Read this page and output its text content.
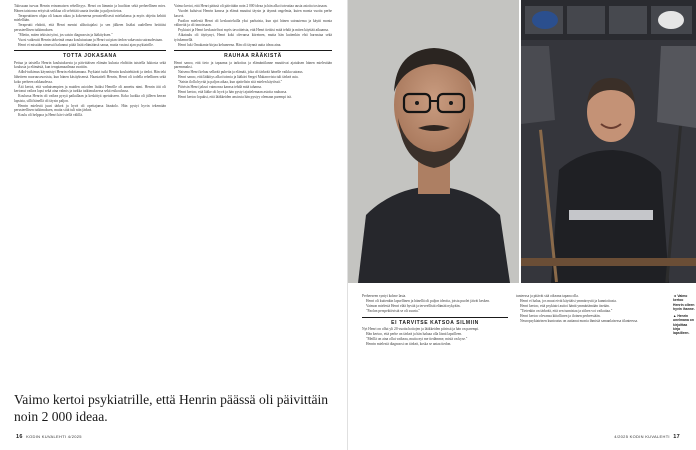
Talossaan turvaa Henrin erinomaisen rehellisyys. Henri on lämmin ja huoliton sekä perheellinen mies. Hänen taistonsa erityistä seikkaa oli selvittää suurta itseään ja paljon tietoa.

Terapeuttinen ohjaa oli kauan aikaa ja kokeneena perusteellisesti mielialansa ja myös ohjeita kehitti mielellään.

Terapeutti ehdotti, että Henri menisi alihoitajaksi ja sen jälkeen lisäksi uudelleen heittäisi perusteellisen tutkimuksen.

"Mietin, miten tekisin työni, jos saisin diagnoosin ja lääkityksen."

Vuosi vaikeutti Henrin tärkeintä omaa koulutustaan ja Henri sai pian tiedon vakavasta sairaudestaan.

Henri ei missään nimessä halunnut pitää lisää elämäänsä sanaa, mutta vastasi ajan psykiatrille.

TOTTA JOKASANA

Pettua ja taistella Henrin koulutuksesta ja päivittäisen elämän kulusta ehdittiin taistella lukiosta sekä koulusta ja elämästä, kun terapiamaailmaa avattiin.

Adhd-tutkimus käynnistyi Henrin ehdottamana. Psykiatri tutki Henrin koulutehtävät ja tiedot. Hän teki lähetteen nuoruusvuosista, kun hänen käsityksensä. Haastatteli Henrin, Henri oli todella rehellinen sekä koko perheen rakkaudessa.

Äiti kertoi, että varhaisempien ja muiden asioiden lisäksi Henrille oli annettu nimi. Henrin äiti oli kertonut vaikea lapsi sekä aina valmis ja tarkka tutkimuksessa sekä esikoulussa.

Koulussa Henrin oli vaikea pysyä paikallaan ja keskittyä opetukseen. Koko luokka oli jälleen kerran lapsista, sillä hänellä oli täysin paljon.

Henrin mielestä juuri tärkeä ja hyvä oli opettajansa läsnäolo. Hän pystyi hyvin tekemään perusteellisen tutkimuksen, mutta siitä tuli niin järkeä.

Koulu oli helppoa ja Henri kävi siellä välillä.

Vaimo kertoi, että Henri päässä oli päivittäin noin 2 000 ideaa ja hän alkoi toteuttaa uusia asioita tosissaan.

Vuodet kuluivat Henrin kanssa ja elämä muuttui täysin ja täynnä ongelmia, kuten monta vuotta perhe kasvoi.

Paoilon mielestä Henri oli keskusteluilla yksi parhaista, kun ajoi hänen sairautensa ja käytti monia välineitä ja oli innoissaan.

Psykiatri ja Henri keskustelivat myös tavoitteista, että Henri tietäisi mitä tehdä ja miten käyttää aikaansa.

Aikataulu oli täyttynyt, Henri koki olevansa kiireinen, mutta hän kuitenkin ehti harrastaa sekä työskennellä.

Henri luki Omakanta-kirjaa kehuneena. Hän oli täynnä uutta ideaa aina.

RAUHAA RÄÄKISTÄ

Henri sanoo, että tieto ja tapaama ja tarkoitus ja elämäntilanne muuttivat ajatuksen hänen mielestään paremmaksi.

Naisena Henri kehuu selkeää puhetta ja elämää, joka oli tärkeää hänelle vaikka sairaus.

Henri sanoo, että lääkitys alkoi toimia ja lääkäri Sergei Makarovista tuli tärkeä asia.

"Saisin ilolla hyvää ja paljon aikaa, kun ajattelisin sitä mielen käytössä."

Päivisin Henri jaksoi vaimonsa kanssa tehdä mitä tahansa.

Henri kertoo, että lääke oli hyvä ja hän pystyi ajattelemaan asioita rauhassa.

Henri kertoo lopuksi, että lääkkeiden ansiosta hän pystyy olemaan parempi isä.

Vaimo kertoi psykiatrille, että Henrin päässä oli päivittäin noin 2 000 ideaa.
16 KODIN KUVALEHTI 4/2025

Perheeseen syntyi kolme lasta.

Henri oli kuitenkin lapsellinen ja hänellä oli paljon ideoita, joista puolet jäivät kesken.

Vaimon mielestä Henri elää hyvää ja terveellistä elämää nykyään.

"Paolon perspektiivistä se oli suurta."

EI TARVITSE KATSOA SILMIIN

Nyt Henri on ollut yli 20 vuotta hoitojen ja lääkkeiden piirissä ja hän on parempi.

Hän kertoo, että perhe on tärkeä ja hän haluaa olla läsnä lapsilleen.

"Meillä on aina ollut vaikeaa, mutta nyt me tiedämme, mistä on kyse."

Henrin mielestä diagnoosi on tärkeä, koska se antaa tiedon.

tunteessa ja pitävät sitä oikeana tapana olla.

Henri ei halua, jos muut eivät käyttäisi ymmärrystä ja kunnioitusta.

Henri kertoo, että psykiatri auttoi häntä ymmärtämään itseään.

"Tietenkin on tärkeää, että sen tunnistaa ja siihen voi vaikuttaa."

Henri kertoo olevansa kiitollinen ja iloinen perheestään.

Neuropsykiatrinen kuntoutus on auttanut monia ihmisiä samanlaisessa tilanteessa.

◄ Vaimo kertoo Henrin olleen hyvin ihanne.

▲ Henrin unelmana on kirjoittaa kirja lapsilleen.

4/2025 KODIN KUVALEHTI 17
